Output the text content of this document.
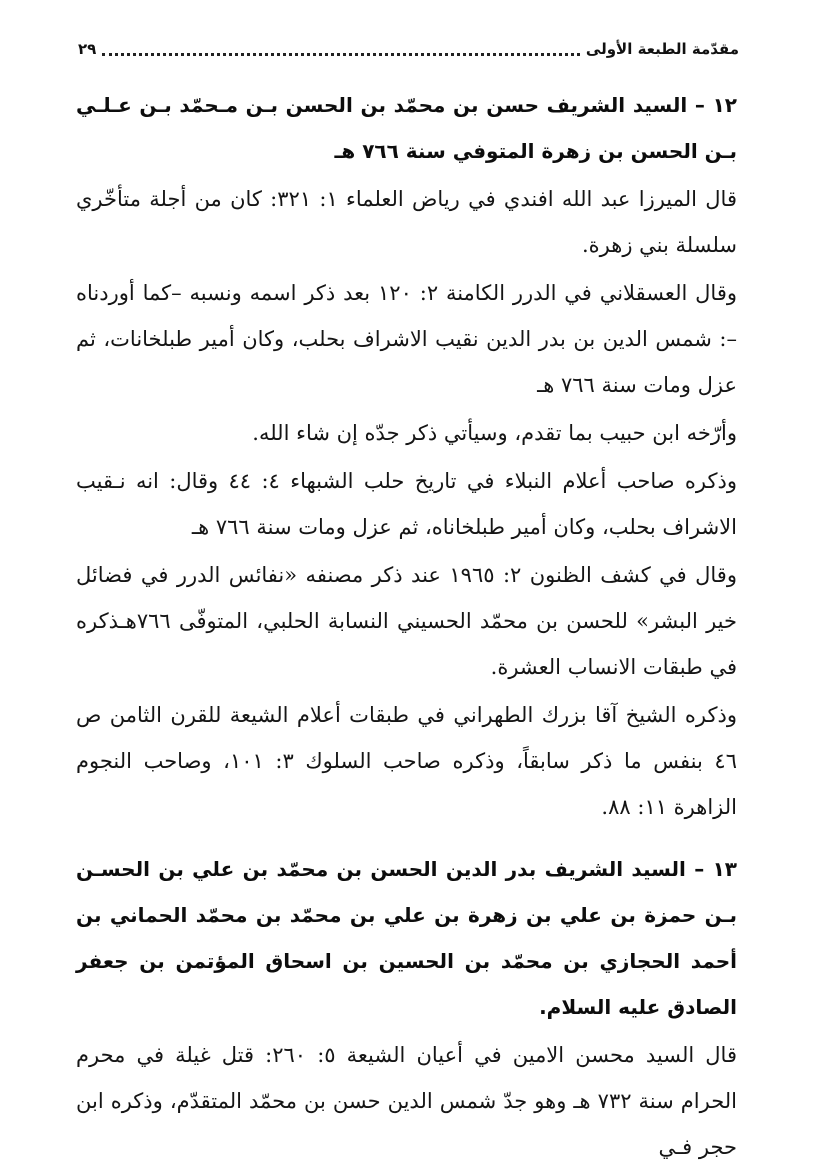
مقدّمة الطبعة الأولى
٢٩

١٢ – السيد الشريف حسن بن محمّد بن الحسن بـن مـحمّد بـن عـلـي بـن الحسن بن زهرة المتوفي سنة ٧٦٦ هـ

قال الميرزا عبد الله افندي في رياض العلماء ١: ٣٢١: كان من أجلة متأخّري سلسلة بني زهرة.

وقال العسقلاني في الدرر الكامنة ٢: ١٢٠ بعد ذكر اسمه ونسبه –كما أوردناه –: شمس الدين بن بدر الدين نقيب الاشراف بحلب، وكان أمير طبلخانات، ثم عزل ومات سنة ٧٦٦ هـ

وأرّخه ابن حبيب بما تقدم، وسيأتي ذكر جدّه إن شاء الله.

وذكره صاحب أعلام النبلاء في تاريخ حلب الشبهاء ٤: ٤٤ وقال: انه نـقيب الاشراف بحلب، وكان أمير طبلخاناه، ثم عزل ومات سنة ٧٦٦ هـ

وقال في كشف الظنون ٢: ١٩٦٥ عند ذكر مصنفه «نفائس الدرر في فضائل خير البشر» للحسن بن محمّد الحسيني النسابة الحلبي، المتوفّى ٧٦٦هـذكره في طبقات الانساب العشرة.

وذكره الشيخ آقا بزرك الطهراني في طبقات أعلام الشيعة للقرن الثامن ص ٤٦ بنفس ما ذكر سابقاً، وذكره صاحب السلوك ٣: ١٠١، وصاحب النجوم الزاهرة ١١: ٨٨.

١٣ – السيد الشريف بدر الدين الحسن بن محمّد بن علي بن الحسـن بـن حمزة بن علي بن زهرة بن علي بن محمّد بن محمّد الحماني بن أحمد الحجازي بن محمّد بن الحسين بن اسحاق المؤتمن بن جعفر الصادق عليه السلام.

قال السيد محسن الامين في أعيان الشيعة ٥: ٢٦٠: قتل غيلة في محرم الحرام سنة ٧٣٢ هـ وهو جدّ شمس الدين حسن بن محمّد المتقدّم، وذكره ابن حجر فـي
